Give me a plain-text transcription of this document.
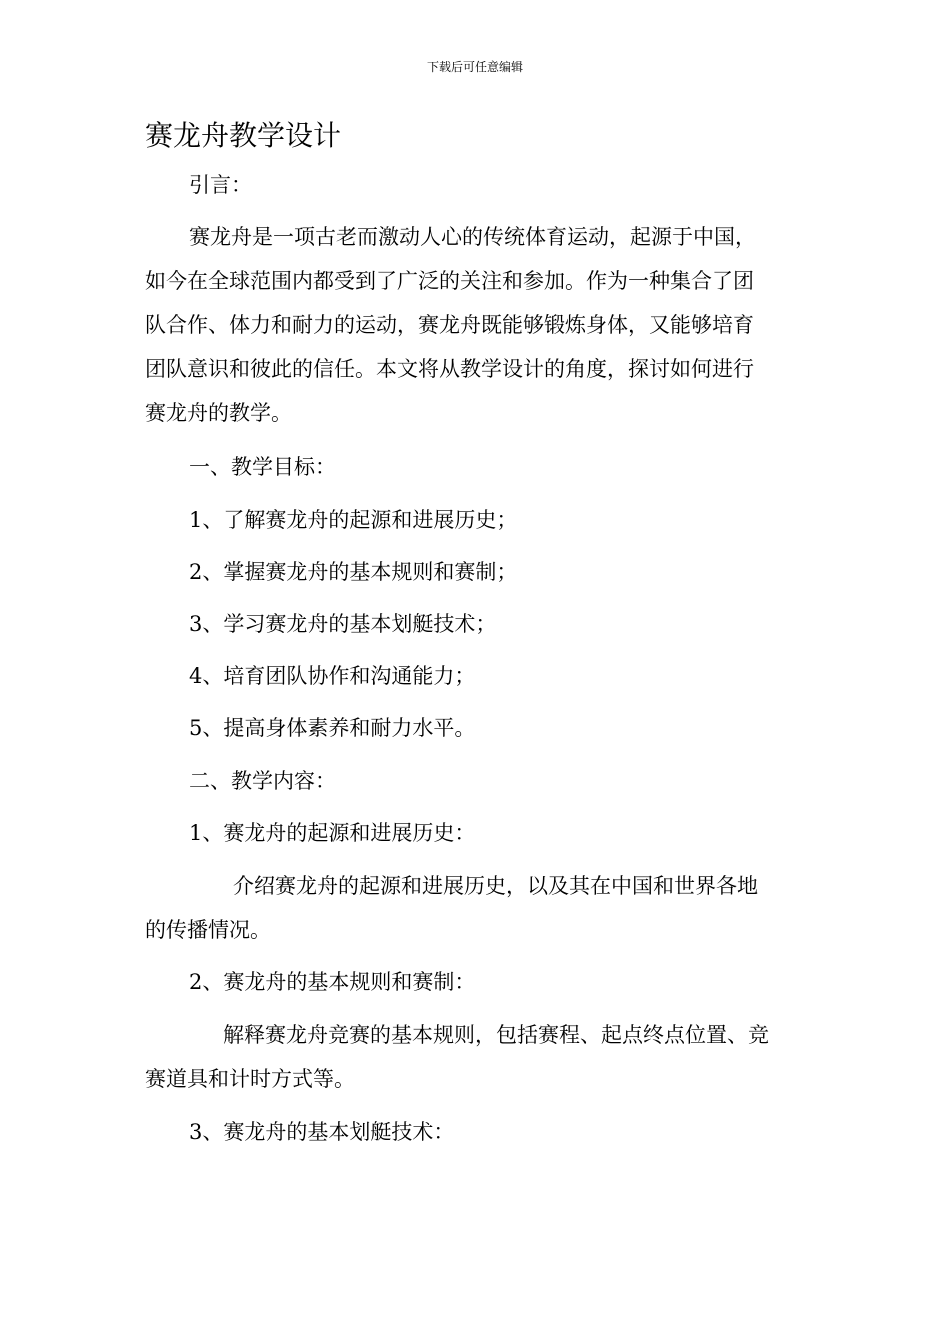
下载后可任意编辑
赛龙舟教学设计
引言：
赛龙舟是一项古老而激动人心的传统体育运动，起源于中国，
如今在全球范围内都受到了广泛的关注和参加。作为一种集合了团
队合作、体力和耐力的运动，赛龙舟既能够锻炼身体，又能够培育
团队意识和彼此的信任。本文将从教学设计的角度，探讨如何进行
赛龙舟的教学。
一、教学目标：
1、了解赛龙舟的起源和进展历史；
2、掌握赛龙舟的基本规则和赛制；
3、学习赛龙舟的基本划艇技术；
4、培育团队协作和沟通能力；
5、提高身体素养和耐力水平。
二、教学内容：
1、赛龙舟的起源和进展历史：
介绍赛龙舟的起源和进展历史，以及其在中国和世界各地
的传播情况。
2、赛龙舟的基本规则和赛制：
解释赛龙舟竞赛的基本规则，包括赛程、起点终点位置、竞
赛道具和计时方式等。
3、赛龙舟的基本划艇技术：
